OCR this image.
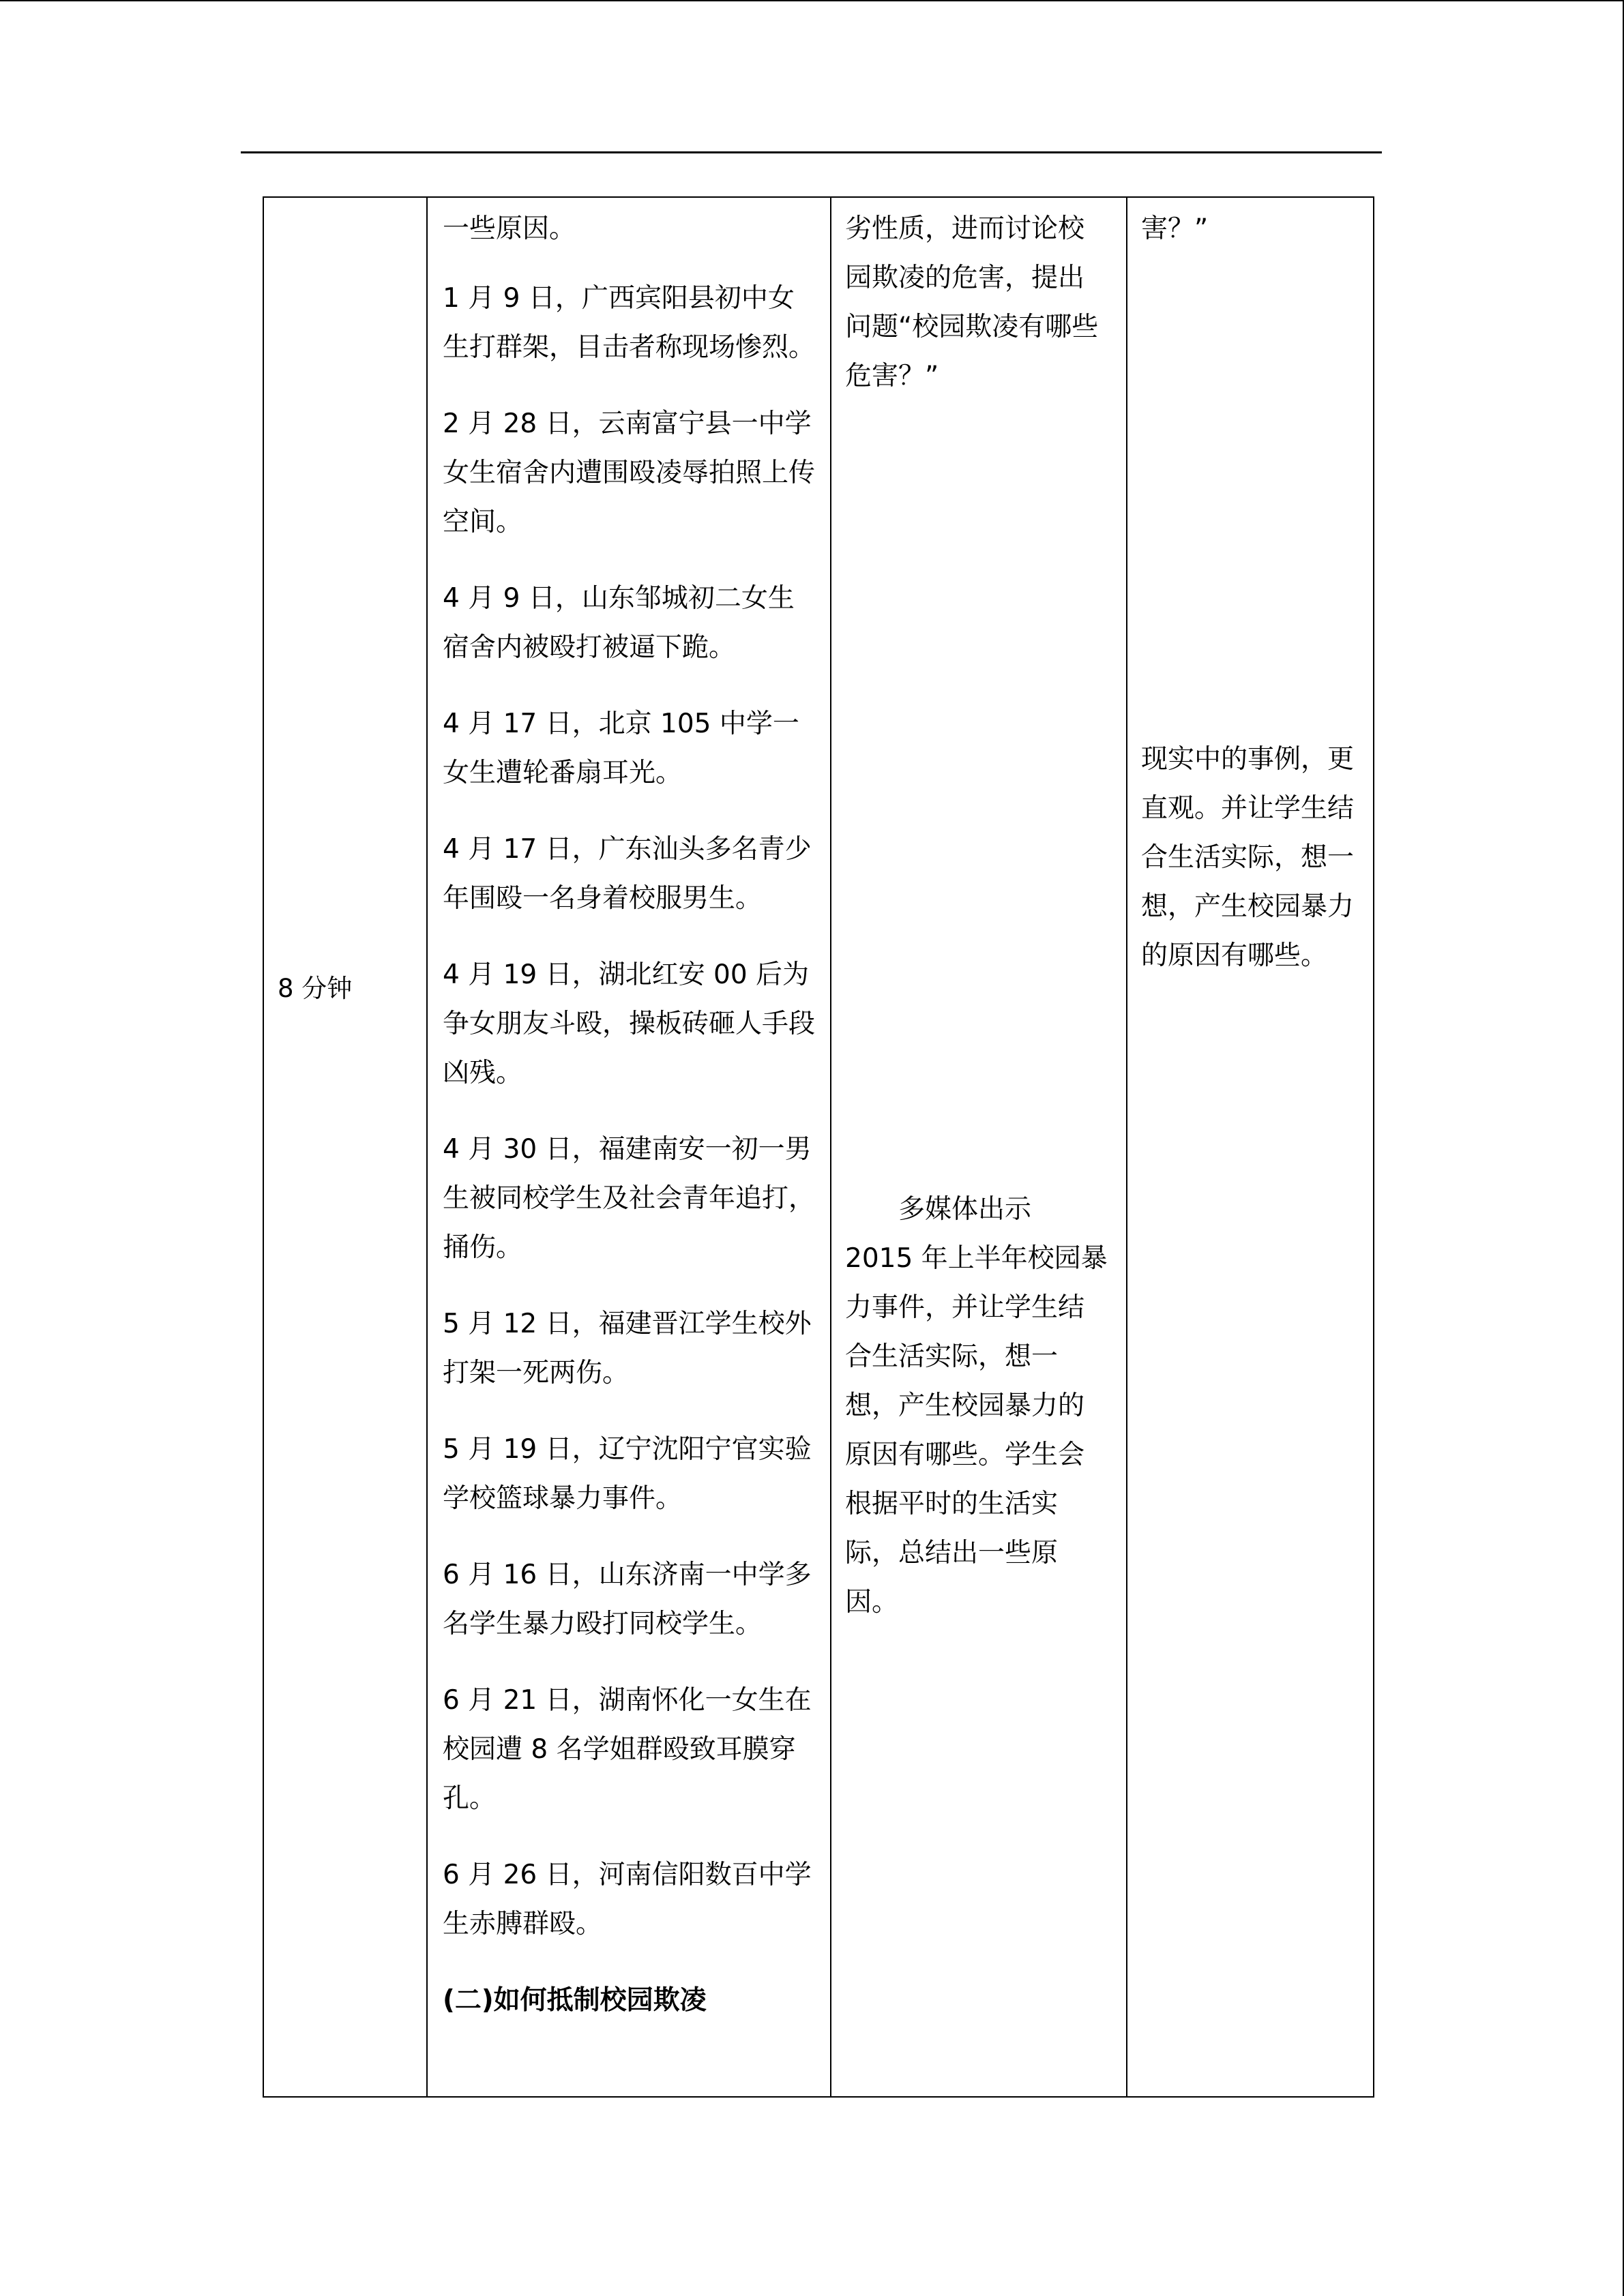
8 分钟

一些原因。

1 月 9 日，广西宾阳县初中女生打群架，目击者称现场惨烈。

2 月 28 日，云南富宁县一中学女生宿舍内遭围殴凌辱拍照上传空间。

4 月 9 日，山东邹城初二女生宿舍内被殴打被逼下跪。

4 月 17 日，北京 105 中学一女生遭轮番扇耳光。

4 月 17 日，广东汕头多名青少年围殴一名身着校服男生。

4 月 19 日，湖北红安 00 后为争女朋友斗殴，操板砖砸人手段凶残。

4 月 30 日，福建南安一初一男生被同校学生及社会青年追打，捅伤。

5 月 12 日，福建晋江学生校外打架一死两伤。

5 月 19 日，辽宁沈阳宁官实验学校篮球暴力事件。

6 月 16 日，山东济南一中学多名学生暴力殴打同校学生。

6 月 21 日，湖南怀化一女生在校园遭 8 名学姐群殴致耳膜穿孔。

6 月 26 日，河南信阳数百中学生赤膊群殴。

(二)如何抵制校园欺凌

劣性质，进而讨论校园欺凌的危害，提出问题“校园欺凌有哪些危害？”

多媒体出示

2015 年上半年校园暴力事件，并让学生结合生活实际，想一想，产生校园暴力的原因有哪些。学生会根据平时的生活实际，总结出一些原因。

害？”

现实中的事例，更直观。并让学生结合生活实际，想一想，产生校园暴力的原因有哪些。
